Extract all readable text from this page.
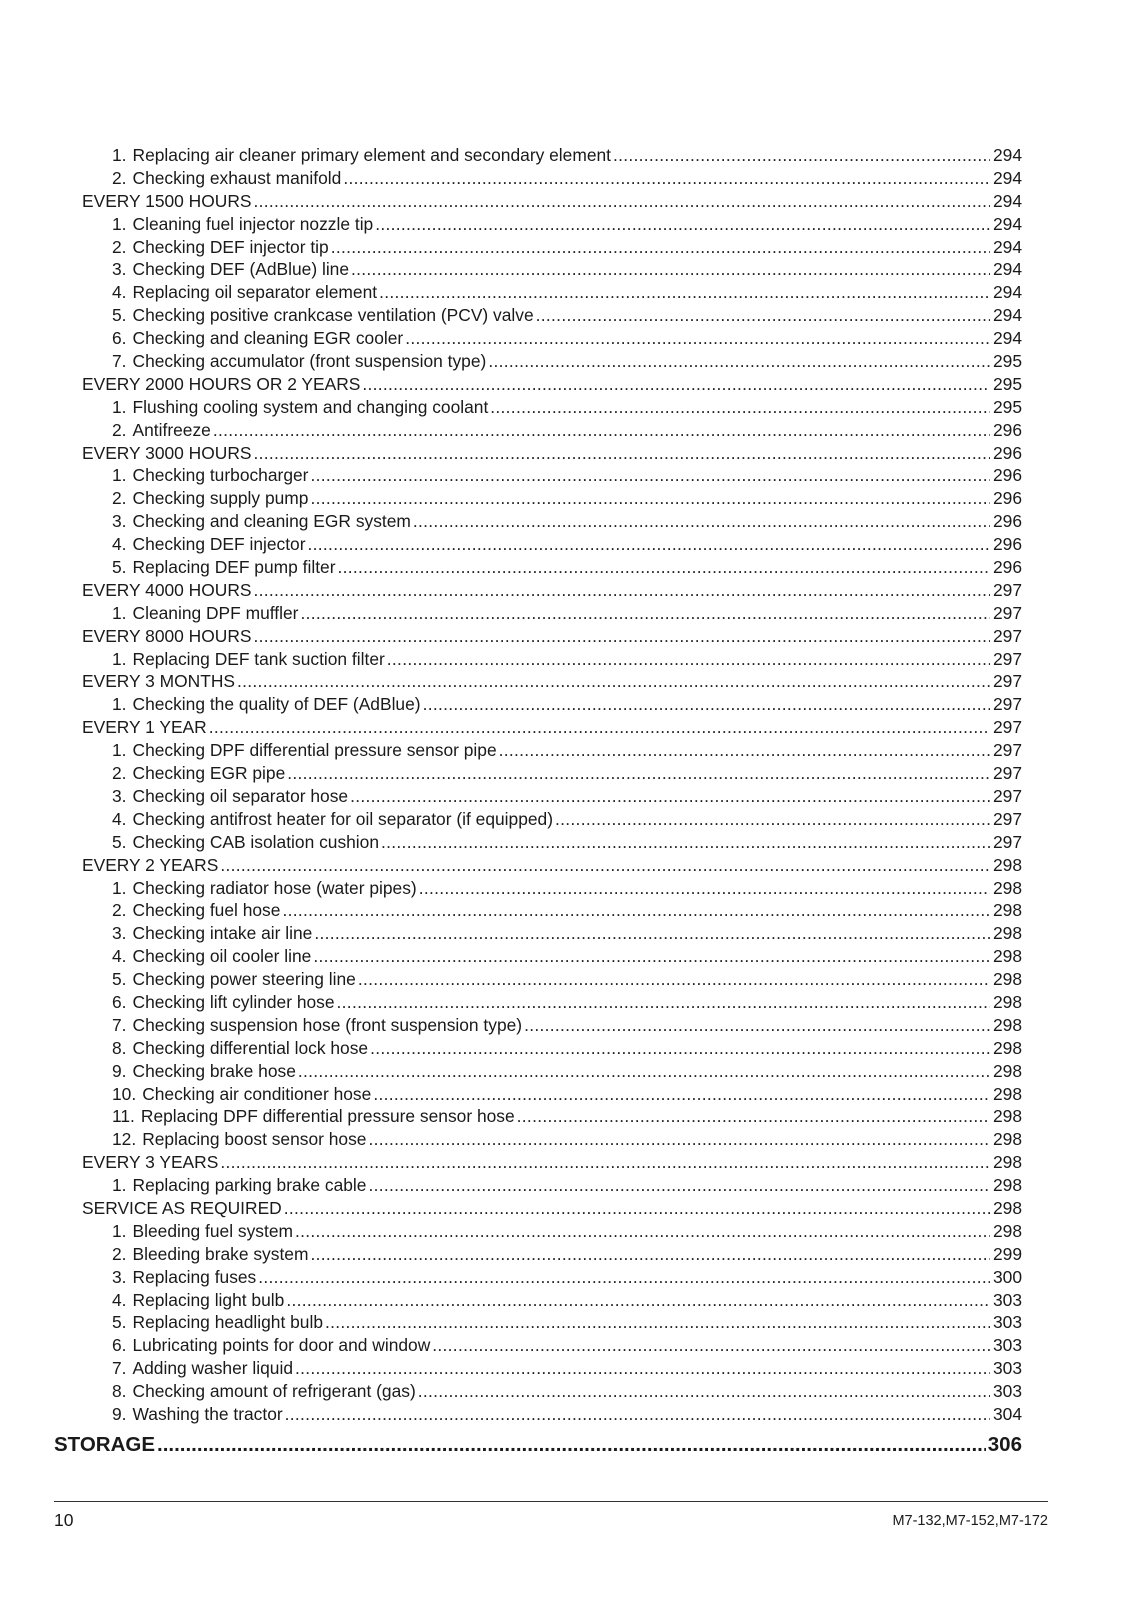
1. Replacing air cleaner primary element and secondary element .....	294
2. Checking exhaust manifold .....	294
EVERY 1500 HOURS .....	294
1. Cleaning fuel injector nozzle tip .....	294
2. Checking DEF injector tip .....	294
3. Checking DEF (AdBlue) line .....	294
4. Replacing oil separator element .....	294
5. Checking positive crankcase ventilation (PCV) valve .....	294
6. Checking and cleaning EGR cooler .....	294
7. Checking accumulator (front suspension type) .....	295
EVERY 2000 HOURS OR 2 YEARS .....	295
1. Flushing cooling system and changing coolant .....	295
2. Antifreeze .....	296
EVERY 3000 HOURS .....	296
1. Checking turbocharger .....	296
2. Checking supply pump .....	296
3. Checking and cleaning EGR system .....	296
4. Checking DEF injector .....	296
5. Replacing DEF pump filter .....	296
EVERY 4000 HOURS .....	297
1. Cleaning DPF muffler .....	297
EVERY 8000 HOURS .....	297
1. Replacing DEF tank suction filter .....	297
EVERY 3 MONTHS .....	297
1. Checking the quality of DEF (AdBlue) .....	297
EVERY 1 YEAR .....	297
1. Checking DPF differential pressure sensor pipe .....	297
2. Checking EGR pipe .....	297
3. Checking oil separator hose .....	297
4. Checking antifrost heater for oil separator (if equipped) .....	297
5. Checking CAB isolation cushion .....	297
EVERY 2 YEARS .....	298
1. Checking radiator hose (water pipes) .....	298
2. Checking fuel hose .....	298
3. Checking intake air line .....	298
4. Checking oil cooler line .....	298
5. Checking power steering line .....	298
6. Checking lift cylinder hose .....	298
7. Checking suspension hose (front suspension type) .....	298
8. Checking differential lock hose .....	298
9. Checking brake hose .....	298
10. Checking air conditioner hose .....	298
11. Replacing DPF differential pressure sensor hose .....	298
12. Replacing boost sensor hose .....	298
EVERY 3 YEARS .....	298
1. Replacing parking brake cable .....	298
SERVICE AS REQUIRED .....	298
1. Bleeding fuel system .....	298
2. Bleeding brake system .....	299
3. Replacing fuses .....	300
4. Replacing light bulb .....	303
5. Replacing headlight bulb .....	303
6. Lubricating points for door and window .....	303
7. Adding washer liquid .....	303
8. Checking amount of refrigerant (gas) .....	303
9. Washing the tractor .....	304
STORAGE .....	306
10	M7-132,M7-152,M7-172
